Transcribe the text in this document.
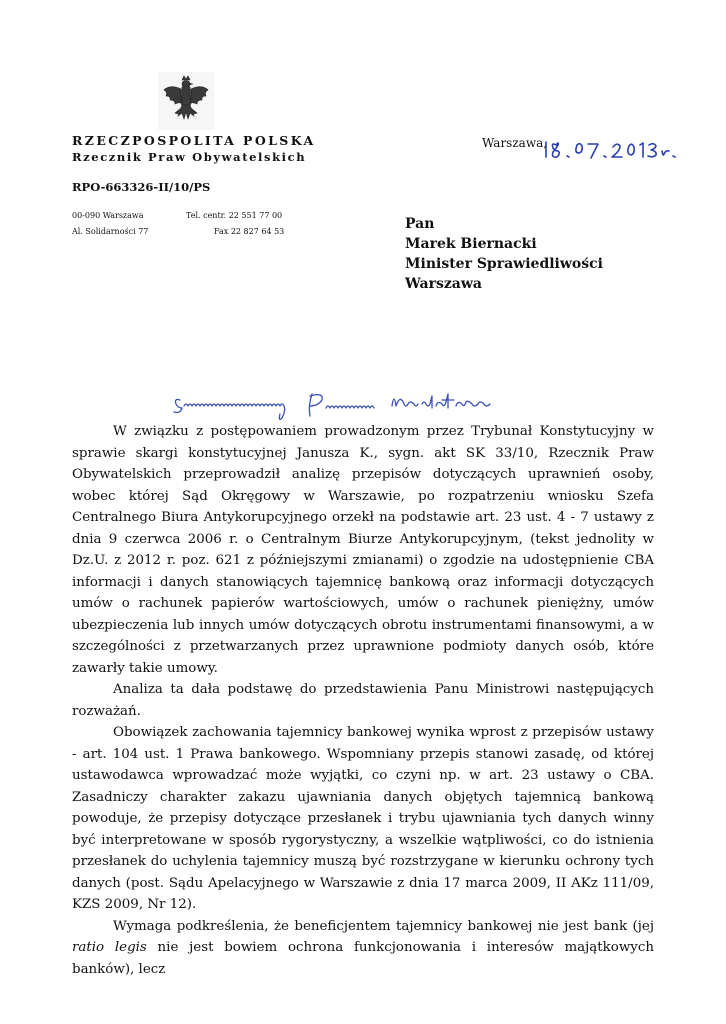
RZECZPOSPOLITA POLSKA
Rzecznik Praw Obywatelskich
RPO-663326-II/10/PS
00-090 Warszawa
Al. Solidarności 77
Tel. centr. 22 551 77 00
Fax 22 827 64 53
Warszawa,
Pan
Marek Biernacki
Minister Sprawiedliwości
Warszawa

W związku z postępowaniem prowadzonym przez Trybunał Konstytucyjny w sprawie skargi konstytucyjnej Janusza K., sygn. akt SK 33/10, Rzecznik Praw Obywatelskich przeprowadził analizę przepisów dotyczących uprawnień osoby, wobec której Sąd Okręgowy w Warszawie, po rozpatrzeniu wniosku Szefa Centralnego Biura Antykorupcyjnego orzekł na podstawie art. 23 ust. 4 - 7 ustawy z dnia 9 czerwca 2006 r. o Centralnym Biurze Antykorupcyjnym, (tekst jednolity w Dz.U. z 2012 r. poz. 621 z późniejszymi zmianami) o zgodzie na udostępnienie CBA informacji i danych stanowiących tajemnicę bankową oraz informacji dotyczących umów o rachunek papierów wartościowych, umów o rachunek pieniężny, umów ubezpieczenia lub innych umów dotyczących obrotu instrumentami finansowymi, a w szczególności z przetwarzanych przez uprawnione podmioty danych osób, które zawarły takie umowy.

Analiza ta dała podstawę do przedstawienia Panu Ministrowi następujących rozważań.

Obowiązek zachowania tajemnicy bankowej wynika wprost z przepisów ustawy - art. 104 ust. 1 Prawa bankowego. Wspomniany przepis stanowi zasadę, od której ustawodawca wprowadzać może wyjątki, co czyni np. w art. 23 ustawy o CBA. Zasadniczy charakter zakazu ujawniania danych objętych tajemnicą bankową powoduje, że przepisy dotyczące przesłanek i trybu ujawniania tych danych winny być interpretowane w sposób rygorystyczny, a wszelkie wątpliwości, co do istnienia przesłanek do uchylenia tajemnicy muszą być rozstrzygane w kierunku ochrony tych danych (post. Sądu Apelacyjnego w Warszawie z dnia 17 marca 2009, II AKz 111/09, KZS 2009, Nr 12).

Wymaga podkreślenia, że beneficjentem tajemnicy bankowej nie jest bank (jej ratio legis nie jest bowiem ochrona funkcjonowania i interesów majątkowych banków), lecz
